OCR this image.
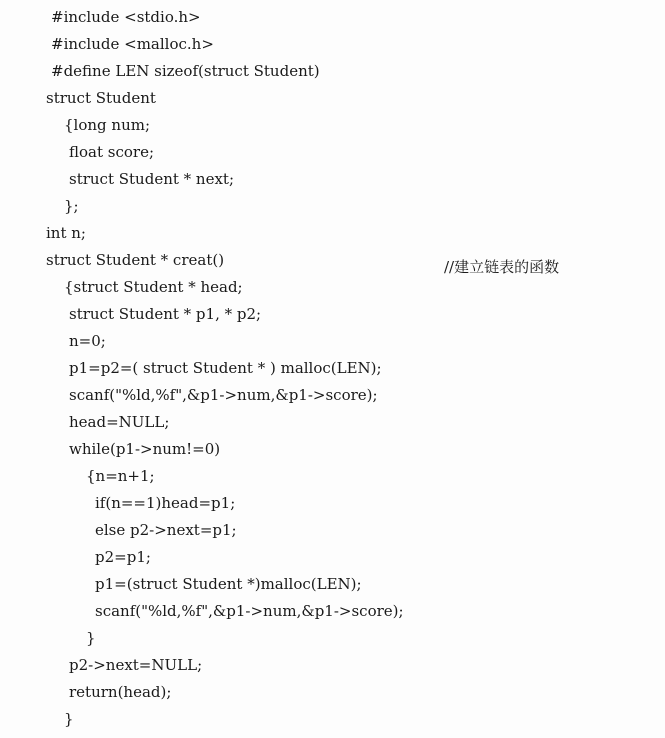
#include <stdio.h>
#include <malloc.h>
#define LEN sizeof(struct Student)
struct Student
{long num;
float score;
struct Student * next;
};
int n;
struct Student * creat()	//建立链表的函数
{struct Student * head;
struct Student * p1, * p2;
n=0;
p1=p2=( struct Student * ) malloc(LEN);
scanf("%ld,%f",&p1->num,&p1->score);
head=NULL;
while(p1->num!=0)
{n=n+1;
if(n==1)head=p1;
else p2->next=p1;
p2=p1;
p1=(struct Student *)malloc(LEN);
scanf("%ld,%f",&p1->num,&p1->score);
}
p2->next=NULL;
return(head);
}
